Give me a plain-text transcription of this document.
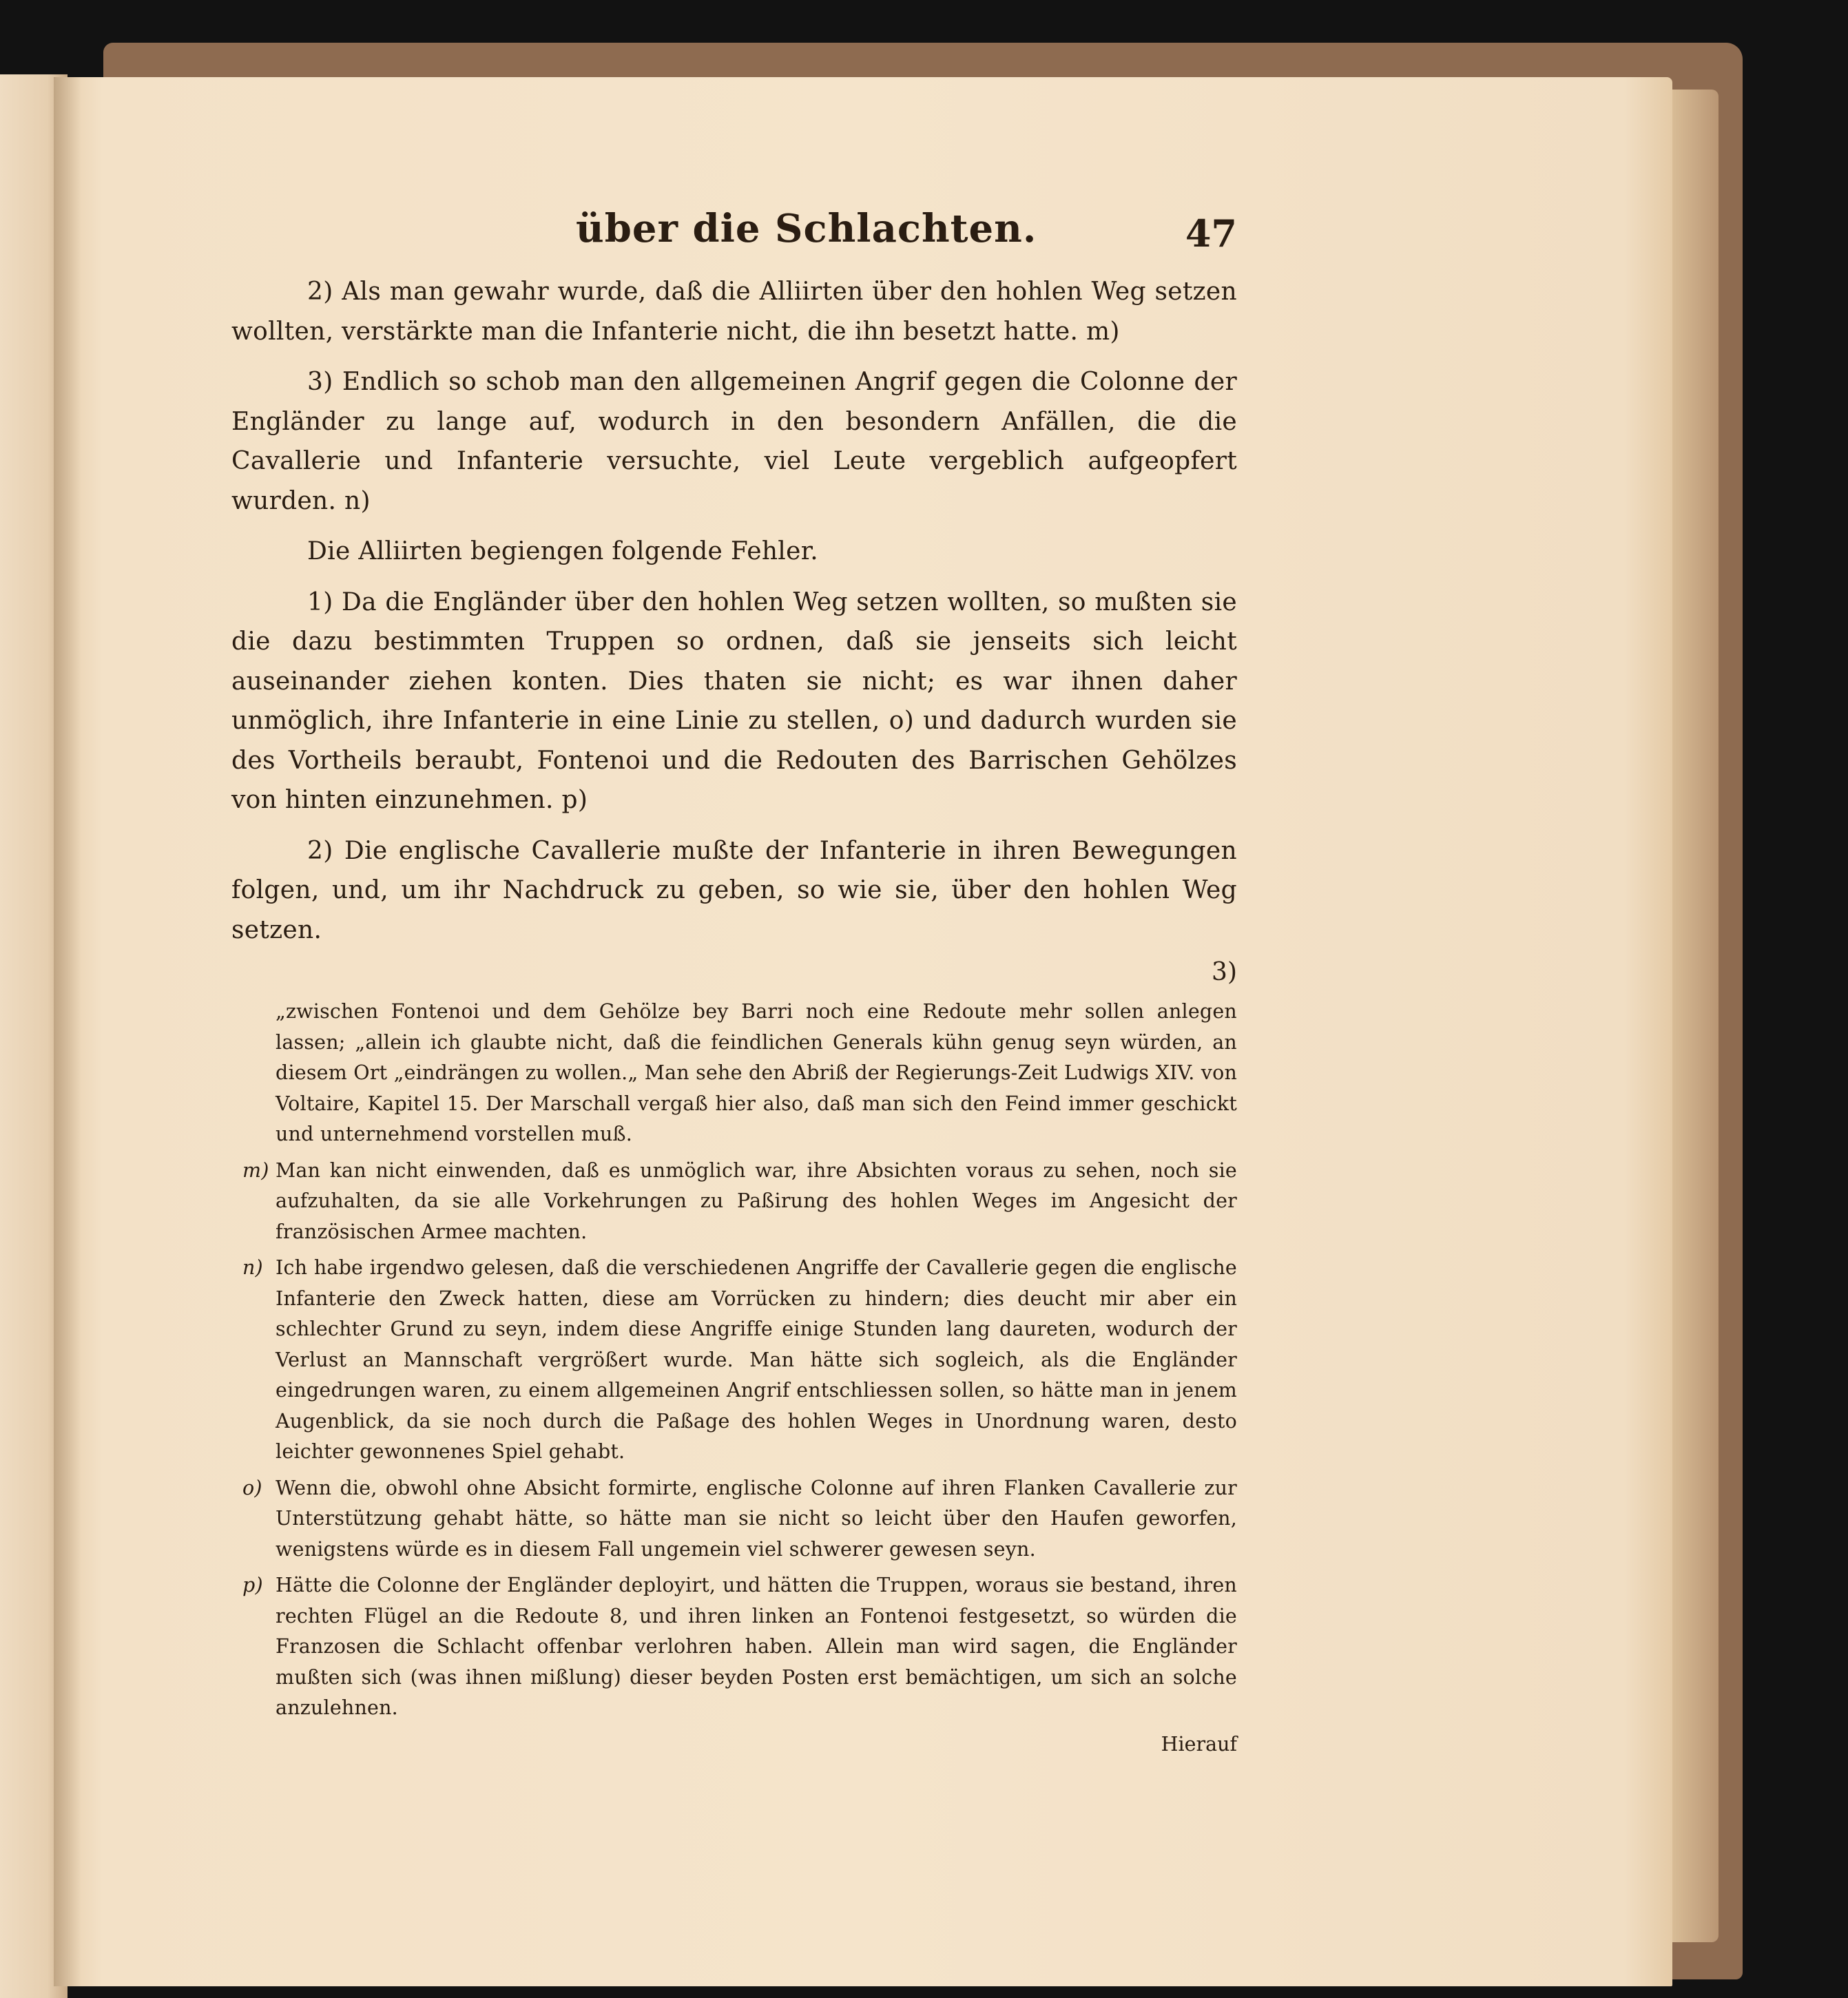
über die Schlachten.	47

2) Als man gewahr wurde, daß die Alliirten über den hohlen Weg setzen wollten, verstärkte man die Infanterie nicht, die ihn besetzt hatte. m)

3) Endlich so schob man den allgemeinen Angrif gegen die Colonne der Engländer zu lange auf, wodurch in den besondern Anfällen, die die Cavallerie und Infanterie versuchte, viel Leute vergeblich aufgeopfert wurden. n)

Die Alliirten begiengen folgende Fehler.

1) Da die Engländer über den hohlen Weg setzen wollten, so mußten sie die dazu bestimmten Truppen so ordnen, daß sie jenseits sich leicht auseinander ziehen konten. Dies thaten sie nicht; es war ihnen daher unmöglich, ihre Infanterie in eine Linie zu stellen, o) und dadurch wurden sie des Vortheils beraubt, Fontenoi und die Redouten des Barrischen Gehölzes von hinten einzunehmen. p)

2) Die englische Cavallerie mußte der Infanterie in ihren Bewegungen folgen, und, um ihr Nachdruck zu geben, so wie sie, über den hohlen Weg setzen.

3)

„zwischen Fontenoi und dem Gehölze bey Barri noch eine Redoute mehr sollen anlegen lassen; „allein ich glaubte nicht, daß die feindlichen Generals kühn genug seyn würden, an diesem Ort „eindrängen zu wollen.„ Man sehe den Abriß der Regierungs-Zeit Ludwigs XIV. von Voltaire, Kapitel 15. Der Marschall vergaß hier also, daß man sich den Feind immer geschickt und unternehmend vorstellen muß.

m) Man kan nicht einwenden, daß es unmöglich war, ihre Absichten voraus zu sehen, noch sie aufzuhalten, da sie alle Vorkehrungen zu Paßirung des hohlen Weges im Angesicht der französischen Armee machten.

n) Ich habe irgendwo gelesen, daß die verschiedenen Angriffe der Cavallerie gegen die englische Infanterie den Zweck hatten, diese am Vorrücken zu hindern; dies deucht mir aber ein schlechter Grund zu seyn, indem diese Angriffe einige Stunden lang daureten, wodurch der Verlust an Mannschaft vergrößert wurde. Man hätte sich sogleich, als die Engländer eingedrungen waren, zu einem allgemeinen Angrif entschliessen sollen, so hätte man in jenem Augenblick, da sie noch durch die Paßage des hohlen Weges in Unordnung waren, desto leichter gewonnenes Spiel gehabt.

o) Wenn die, obwohl ohne Absicht formirte, englische Colonne auf ihren Flanken Cavallerie zur Unterstützung gehabt hätte, so hätte man sie nicht so leicht über den Haufen geworfen, wenigstens würde es in diesem Fall ungemein viel schwerer gewesen seyn.

p) Hätte die Colonne der Engländer deployirt, und hätten die Truppen, woraus sie bestand, ihren rechten Flügel an die Redoute 8, und ihren linken an Fontenoi festgesetzt, so würden die Franzosen die Schlacht offenbar verlohren haben. Allein man wird sagen, die Engländer mußten sich (was ihnen mißlung) dieser beyden Posten erst bemächtigen, um sich an solche anzulehnen.

Hierauf
